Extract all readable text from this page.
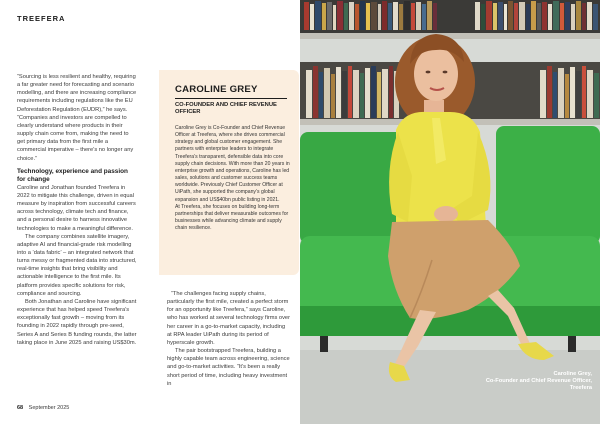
TREEFERA

“Sourcing is less resilient and healthy, requiring a far greater need for forecasting and scenario modelling, and there are increasing compliance requirements including regulations like the EU Deforestation Regulation (EUDR),” he says. “Companies and investors are compelled to clearly understand where products in their supply chain come from, making the need to get primary data from the first mile a commercial imperative – there’s no longer any choice.”

Technology, experience and passion for change

Caroline and Jonathan founded Treefera in 2022 to mitigate this challenge, driven in equal measure by inspiration from successful careers across technology, climate tech and finance, and a personal desire to harness innovative technologies to make a meaningful difference.

The company combines satellite imagery, adaptive AI and financial-grade risk modelling into a ‘data fabric’ – an integrated network that turns messy or fragmented data into structured, real-time insights that bring visibility and actionable intelligence to the first mile. Its platform provides specific solutions for risk, compliance and sourcing.

Both Jonathan and Caroline have significant experience that has helped speed Treefera’s exceptionally fast growth – moving from its founding in 2022 rapidly through pre-seed, Series A and Series B funding rounds, the latter taking place in June 2025 and raising US$30m.

CAROLINE GREY
CO-FOUNDER AND CHIEF REVENUE OFFICER

Caroline Grey is Co-Founder and Chief Revenue Officer at Treefera, where she drives commercial strategy and global customer engagement. She partners with enterprise leaders to integrate Treefera’s transparent, defensible data into core supply chain decisions. With more than 20 years in enterprise growth and operations, Caroline has led sales, solutions and customer success teams worldwide. Previously Chief Customer Officer at UiPath, she supported the company’s global expansion and US$40bn public listing in 2021.

At Treefera, she focuses on building long-term partnerships that deliver measurable outcomes for businesses while advancing climate and supply chain resilience.

“The challenges facing supply chains, particularly the first mile, created a perfect storm for an opportunity like Treefera,” says Caroline, who has worked at several technology firms over her career in a go-to-market capacity, including at RPA leader UiPath during its period of hyperscale growth.

The pair bootstrapped Treefera, building a highly capable team across engineering, science and go-to-market activities. “It’s been a really short period of time, including heavy investment in

68 September 2025
Caroline Grey,
Co-Founder and Chief Revenue Officer, Treefera
